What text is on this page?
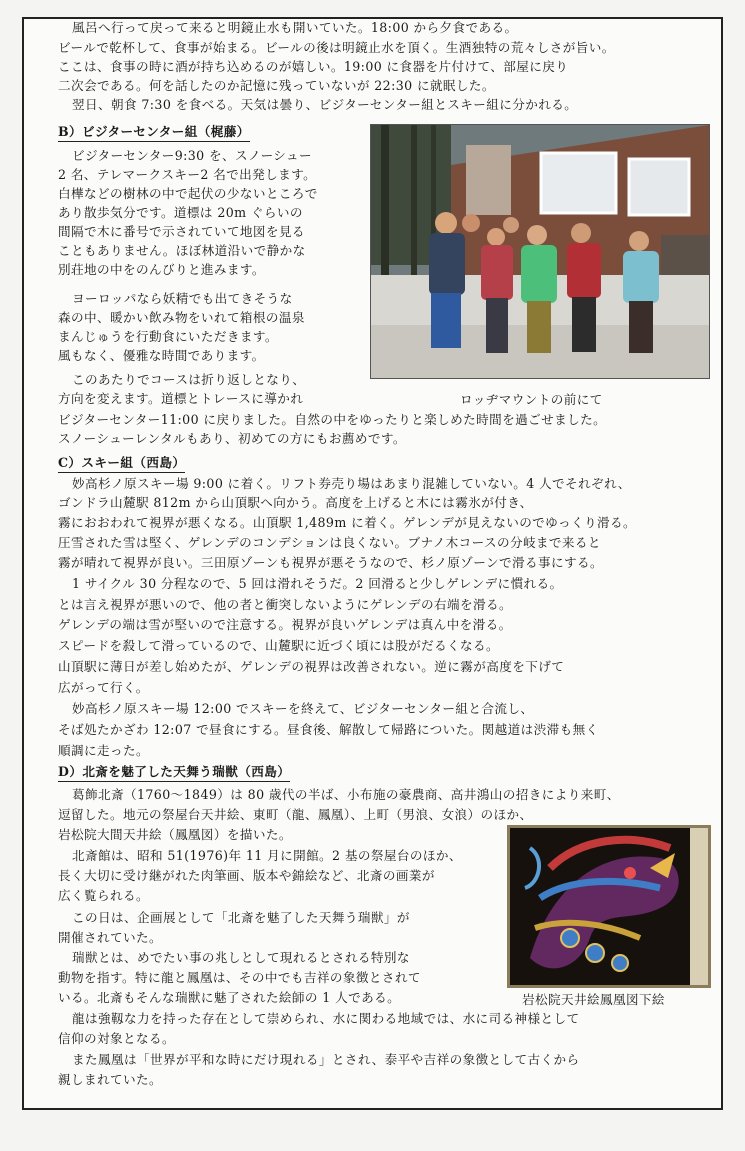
風呂へ行って戻って来ると明鏡止水も開いていた。18:00 から夕食である。
ビールで乾杯して、食事が始まる。ビールの後は明鏡止水を頂く。生酒独特の荒々しさが旨い。
ここは、食事の時に酒が持ち込めるのが嬉しい。19:00 に食器を片付けて、部屋に戻り
二次会である。何を話したのか記憶に残っていないが 22:30 に就眠した。
翌日、朝食 7:30 を食べる。天気は曇り、ビジターセンター組とスキー組に分かれる。
B）ビジターセンター組（梶藤）
ビジターセンター9:30 を、スノーシュー
2 名、テレマークスキー2 名で出発します。
白樺などの樹林の中で起伏の少ないところで
あり散歩気分です。道標は 20m ぐらいの
間隔で木に番号で示されていて地図を見る
こともありません。ほぼ林道沿いで静かな
別荘地の中をのんびりと進みます。
ヨーロッパなら妖精でも出てきそうな
森の中、暖かい飲み物をいれて箱根の温泉
まんじゅうを行動食にいただきます。
風もなく、優雅な時間であります。
このあたりでコースは折り返しとなり、
方向を変えます。道標とトレースに導かれ
ビジターセンター11:00 に戻りました。自然の中をゆったりと楽しめた時間を過ごせました。
スノーシューレンタルもあり、初めての方にもお薦めです。
ロッヂマウントの前にて
C）スキー組（西島）
妙高杉ノ原スキー場 9:00 に着く。リフト券売り場はあまり混雑していない。4 人でそれぞれ、
ゴンドラ山麓駅 812m から山頂駅へ向かう。高度を上げると木には霧氷が付き、
霧におおわれて視界が悪くなる。山頂駅 1,489m に着く。ゲレンデが見えないのでゆっくり滑る。
圧雪された雪は堅く、ゲレンデのコンデションは良くない。ブナノ木コースの分岐まで来ると
霧が晴れて視界が良い。三田原ゾーンも視界が悪そうなので、杉ノ原ゾーンで滑る事にする。
1 サイクル 30 分程なので、5 回は滑れそうだ。2 回滑ると少しゲレンデに慣れる。
とは言え視界が悪いので、他の者と衝突しないようにゲレンデの右端を滑る。
ゲレンデの端は雪が堅いので注意する。視界が良いゲレンデは真ん中を滑る。
スピードを殺して滑っているので、山麓駅に近づく頃には股がだるくなる。
山頂駅に薄日が差し始めたが、ゲレンデの視界は改善されない。逆に霧が高度を下げて
広がって行く。
妙高杉ノ原スキー場 12:00 でスキーを終えて、ビジターセンター組と合流し、
そば処たかざわ 12:07 で昼食にする。昼食後、解散して帰路についた。関越道は渋滞も無く
順調に走った。
D）北斎を魅了した天舞う瑞獣（西島）
葛飾北斎（1760～1849）は 80 歳代の半ば、小布施の豪農商、高井鴻山の招きにより来町、
逗留した。地元の祭屋台天井絵、東町（龍、鳳凰）、上町（男浪、女浪）のほか、
岩松院大間天井絵（鳳凰図）を描いた。
北斎館は、昭和 51(1976)年 11 月に開館。2 基の祭屋台のほか、
長く大切に受け継がれた肉筆画、版本や錦絵など、北斎の画業が
広く覧られる。
この日は、企画展として「北斎を魅了した天舞う瑞獣」が
開催されていた。
瑞獣とは、めでたい事の兆しとして現れるとされる特別な
動物を指す。特に龍と鳳凰は、その中でも吉祥の象徴とされて
いる。北斎もそんな瑞獣に魅了された絵師の 1 人である。
龍は強靱な力を持った存在として崇められ、水に関わる地域では、水に司る神様として
信仰の対象となる。
また鳳凰は「世界が平和な時にだけ現れる」とされ、泰平や吉祥の象徴として古くから
親しまれていた。
岩松院天井絵鳳凰図下絵
